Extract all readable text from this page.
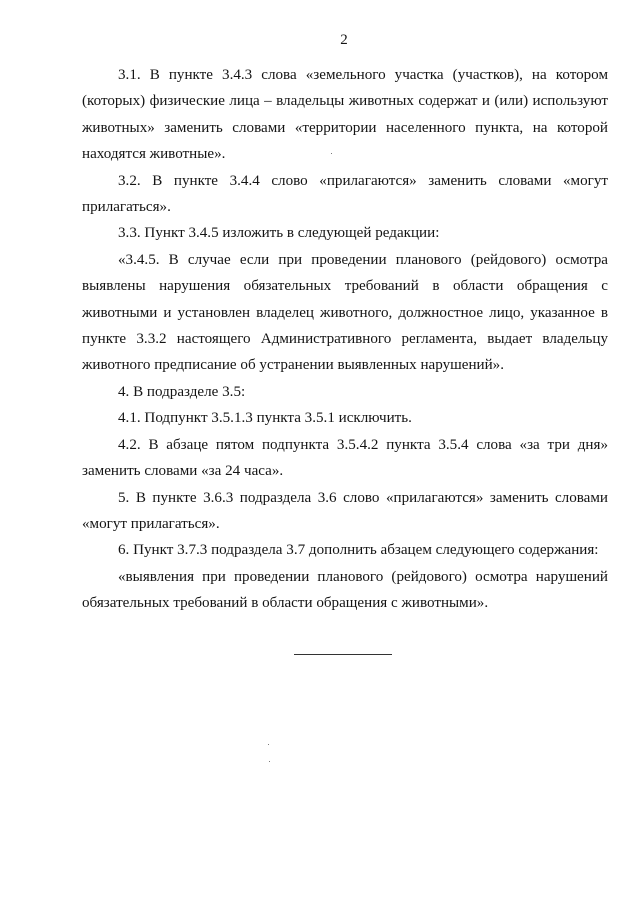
2

3.1. В пункте 3.4.3 слова «земельного участка (участков), на котором (которых) физические лица – владельцы животных содержат и (или) используют животных» заменить словами «территории населенного пункта, на которой находятся животные».

3.2. В пункте 3.4.4 слово «прилагаются» заменить словами «могут прилагаться».

3.3. Пункт 3.4.5 изложить в следующей редакции:

«3.4.5. В случае если при проведении планового (рейдового) осмотра выявлены нарушения обязательных требований в области обращения с животными и установлен владелец животного, должностное лицо, указанное в пункте 3.3.2 настоящего Административного регламента, выдает владельцу животного предписание об устранении выявленных нарушений».

4. В подразделе 3.5:

4.1. Подпункт 3.5.1.3 пункта 3.5.1 исключить.

4.2. В абзаце пятом подпункта 3.5.4.2 пункта 3.5.4 слова «за три дня» заменить словами «за 24 часа».

5. В пункте 3.6.3 подраздела 3.6 слово «прилагаются» заменить словами «могут прилагаться».

6. Пункт 3.7.3 подраздела 3.7 дополнить абзацем следующего содержания:

«выявления при проведении планового (рейдового) осмотра нарушений обязательных требований в области обращения с животными».
